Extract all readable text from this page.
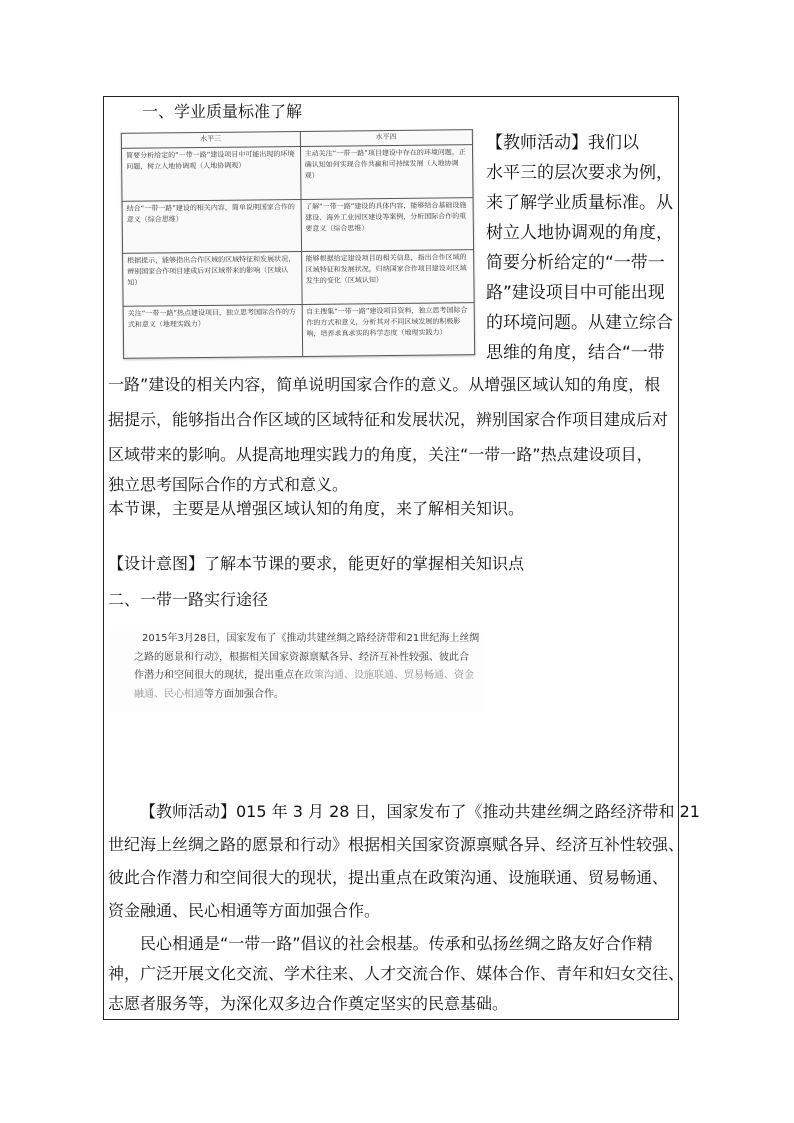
一、学业质量标准了解
水平三	水平四
简要分析给定的“一带一路”建设项目中可能出现的环境问题，树立人地协调观（人地协调观）	主动关注“一带一路”项目建设中存在的环境问题，正确认知如何实现合作共赢和可持续发展（人地协调观）
结合“一带一路”建设的相关内容，简单说明国家合作的意义（综合思维）	了解“一带一路”建设的具体内容，能够结合基础设施建设、海外工业园区建设等案例，分析国际合作的重要意义（综合思维）
根据提示，能够指出合作区域的区域特征和发展状况，辨别国家合作项目建成后对区域带来的影响（区域认知）	能够根据给定建设项目的相关信息，指出合作区域的区域特征和发展状况，归纳国家合作项目建设对区域发生的变化（区域认知）
关注“一带一路”热点建设项目，独立思考国际合作的方式和意义（地理实践力）	自主搜集“一带一路”建设项目资料，独立思考国际合作的方式和意义，分析其对不同区域发展的积极影响，培养求真求实的科学态度（地理实践力）
【教师活动】我们以
水平三的层次要求为例，
来了解学业质量标准。从
树立人地协调观的角度，
简要分析给定的“一带一
路”建设项目中可能出现
的环境问题。从建立综合
思维的角度，结合“一带
一路”建设的相关内容，简单说明国家合作的意义。从增强区域认知的角度，根
据提示，能够指出合作区域的区域特征和发展状况，辨别国家合作项目建成后对
区域带来的影响。从提高地理实践力的角度，关注“一带一路”热点建设项目，
独立思考国际合作的方式和意义。
本节课，主要是从增强区域认知的角度，来了解相关知识。
【设计意图】了解本节课的要求，能更好的掌握相关知识点
二、一带一路实行途径
2015年3月28日，国家发布了《推动共建丝绸之路经济带和21世纪海上丝绸
之路的愿景和行动》，根据相关国家资源禀赋各异、经济互补性较强、彼此合
作潜力和空间很大的现状，提出重点在政策沟通、设施联通、贸易畅通、资金
融通、民心相通等方面加强合作。
【教师活动】015 年 3 月 28 日，国家发布了《推动共建丝绸之路经济带和 21
世纪海上丝绸之路的愿景和行动》根据相关国家资源禀赋各异、经济互补性较强、
彼此合作潜力和空间很大的现状，提出重点在政策沟通、设施联通、贸易畅通、
资金融通、民心相通等方面加强合作。
民心相通是“一带一路”倡议的社会根基。传承和弘扬丝绸之路友好合作精
神，广泛开展文化交流、学术往来、人才交流合作、媒体合作、青年和妇女交往、
志愿者服务等，为深化双多边合作奠定坚实的民意基础。
